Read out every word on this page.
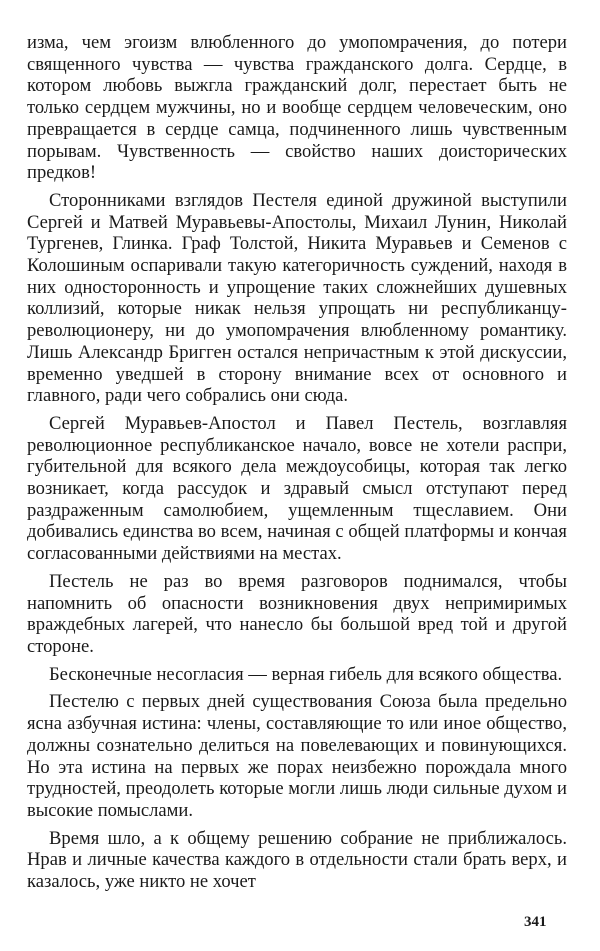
изма, чем эгоизм влюбленного до умопомрачения, до потери священного чувства — чувства гражданского долга. Сердце, в котором любовь выжгла гражданский долг, перестает быть не только сердцем мужчины, но и вообще сердцем человеческим, оно превращается в сердце самца, подчиненного лишь чувственным порывам. Чувственность — свойство наших доисторических предков!

Сторонниками взглядов Пестеля единой дружиной выступили Сергей и Матвей Муравьевы-Апостолы, Михаил Лунин, Николай Тургенев, Глинка. Граф Толстой, Никита Муравьев и Семенов с Колошиным оспаривали такую категоричность суждений, находя в них односторонность и упрощение таких сложнейших душевных коллизий, которые никак нельзя упрощать ни республиканцу-революционеру, ни до умопомрачения влюбленному романтику. Лишь Александр Бригген остался непричастным к этой дискуссии, временно уведшей в сторону внимание всех от основного и главного, ради чего собрались они сюда.

Сергей Муравьев-Апостол и Павел Пестель, возглавляя революционное республиканское начало, вовсе не хотели распри, губительной для всякого дела междоусобицы, которая так легко возникает, когда рассудок и здравый смысл отступают перед раздраженным самолюбием, ущемленным тщеславием. Они добивались единства во всем, начиная с общей платформы и кончая согласованными действиями на местах.

Пестель не раз во время разговоров поднимался, чтобы напомнить об опасности возникновения двух непримиримых враждебных лагерей, что нанесло бы большой вред той и другой стороне.

Бесконечные несогласия — верная гибель для всякого общества.

Пестелю с первых дней существования Союза была предельно ясна азбучная истина: члены, составляющие то или иное общество, должны сознательно делиться на повелевающих и повинующихся. Но эта истина на первых же порах неизбежно порождала много трудностей, преодолеть которые могли лишь люди сильные духом и высокие помыслами.

Время шло, а к общему решению собрание не приближалось. Нрав и личные качества каждого в отдельности стали брать верх, и казалось, уже никто не хочет

341
